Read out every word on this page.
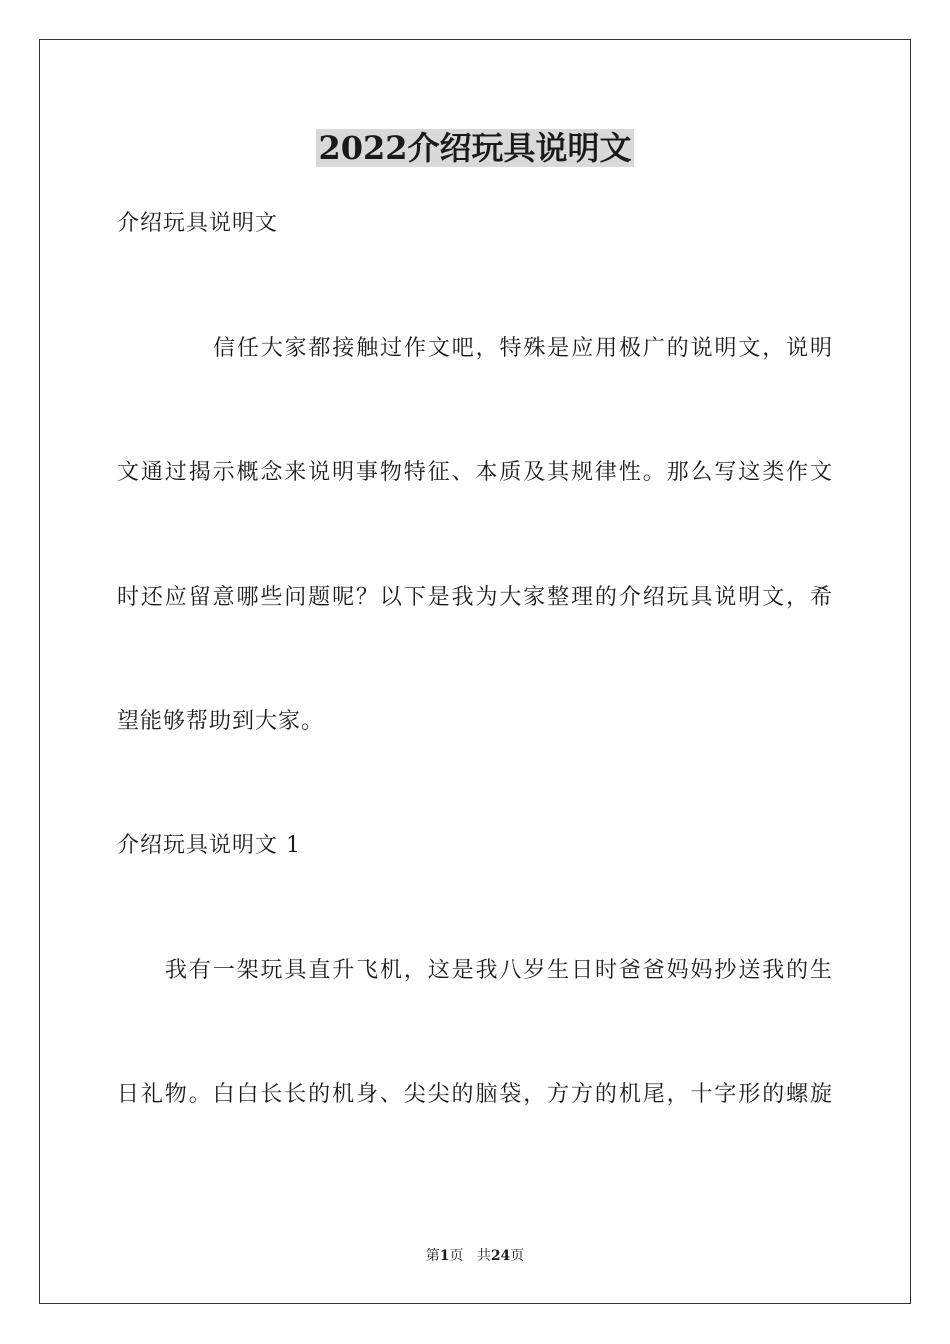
2022介绍玩具说明文
介绍玩具说明文
信任大家都接触过作文吧，特殊是应用极广的说明文，说明
文通过揭示概念来说明事物特征、本质及其规律性。那么写这类作文
时还应留意哪些问题呢？以下是我为大家整理的介绍玩具说明文，希
望能够帮助到大家。
介绍玩具说明文 1
我有一架玩具直升飞机，这是我八岁生日时爸爸妈妈抄送我的生
日礼物。白白长长的机身、尖尖的脑袋，方方的机尾，十字形的螺旋
第1页 共24页
